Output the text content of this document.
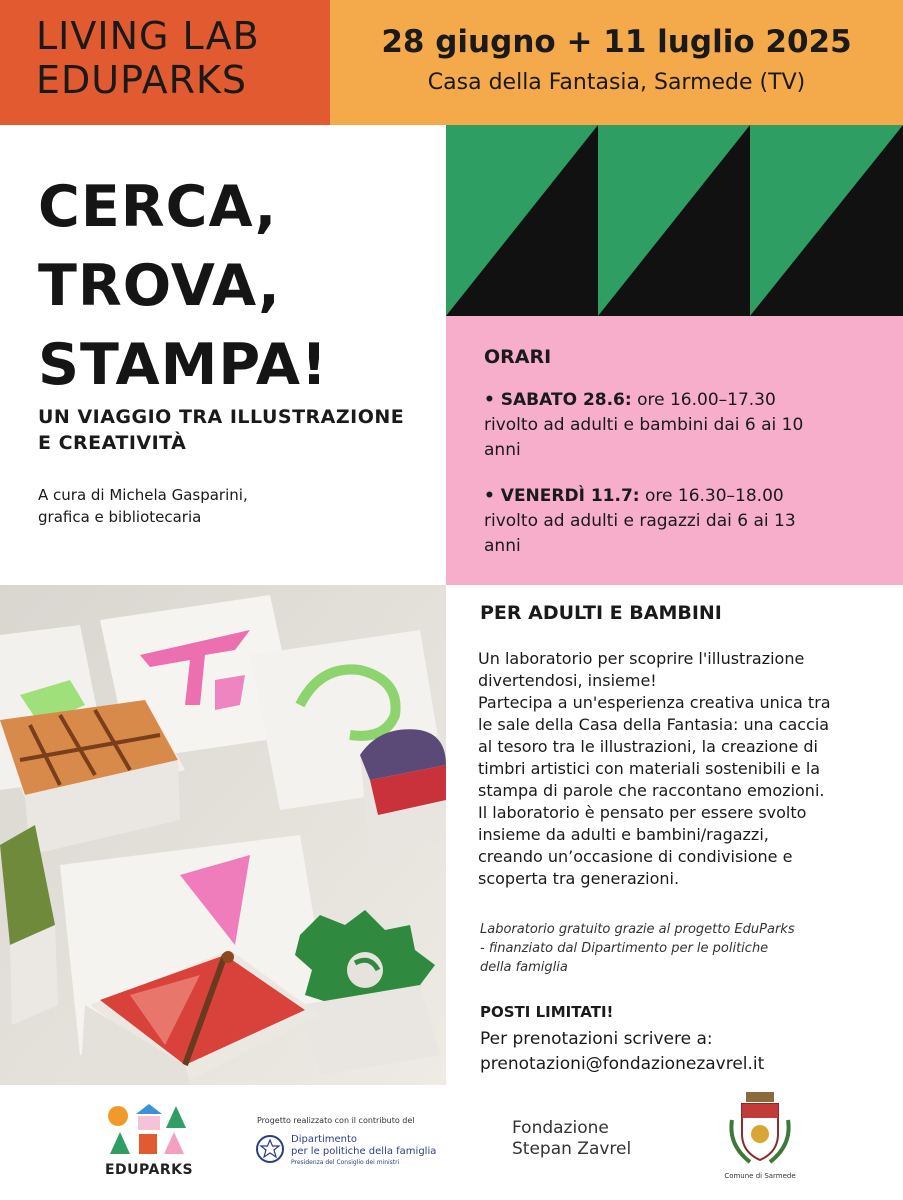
LIVING LAB
EDUPARKS
28 giugno + 11 luglio 2025
Casa della Fantasia, Sarmede (TV)
CERCA,
TROVA,
STAMPA!
UN VIAGGIO TRA ILLUSTRAZIONE
E CREATIVITÀ
A cura di Michela Gasparini,
grafica e bibliotecaria
ORARI
• SABATO 28.6: ore 16.00–17.30
rivolto ad adulti e bambini dai 6 ai 10
anni
• VENERDÌ 11.7: ore 16.30–18.00
rivolto ad adulti e ragazzi dai 6 ai 13
anni
PER ADULTI E BAMBINI
Un laboratorio per scoprire l'illustrazione
divertendosi, insieme!
Partecipa a un'esperienza creativa unica tra
le sale della Casa della Fantasia: una caccia
al tesoro tra le illustrazioni, la creazione di
timbri artistici con materiali sostenibili e la
stampa di parole che raccontano emozioni.
Il laboratorio è pensato per essere svolto
insieme da adulti e bambini/ragazzi,
creando un’occasione di condivisione e
scoperta tra generazioni.
Laboratorio gratuito grazie al progetto EduParks
- finanziato dal Dipartimento per le politiche
della famiglia
POSTI LIMITATI!
Per prenotazioni scrivere a:
prenotazioni@fondazionezavrel.it
EDUPARKS
Progetto realizzato con il contributo del
Dipartimento
per le politiche della famiglia
Presidenza del Consiglio dei ministri
Fondazione
Stepan Zavrel
Comune di Sarmede
